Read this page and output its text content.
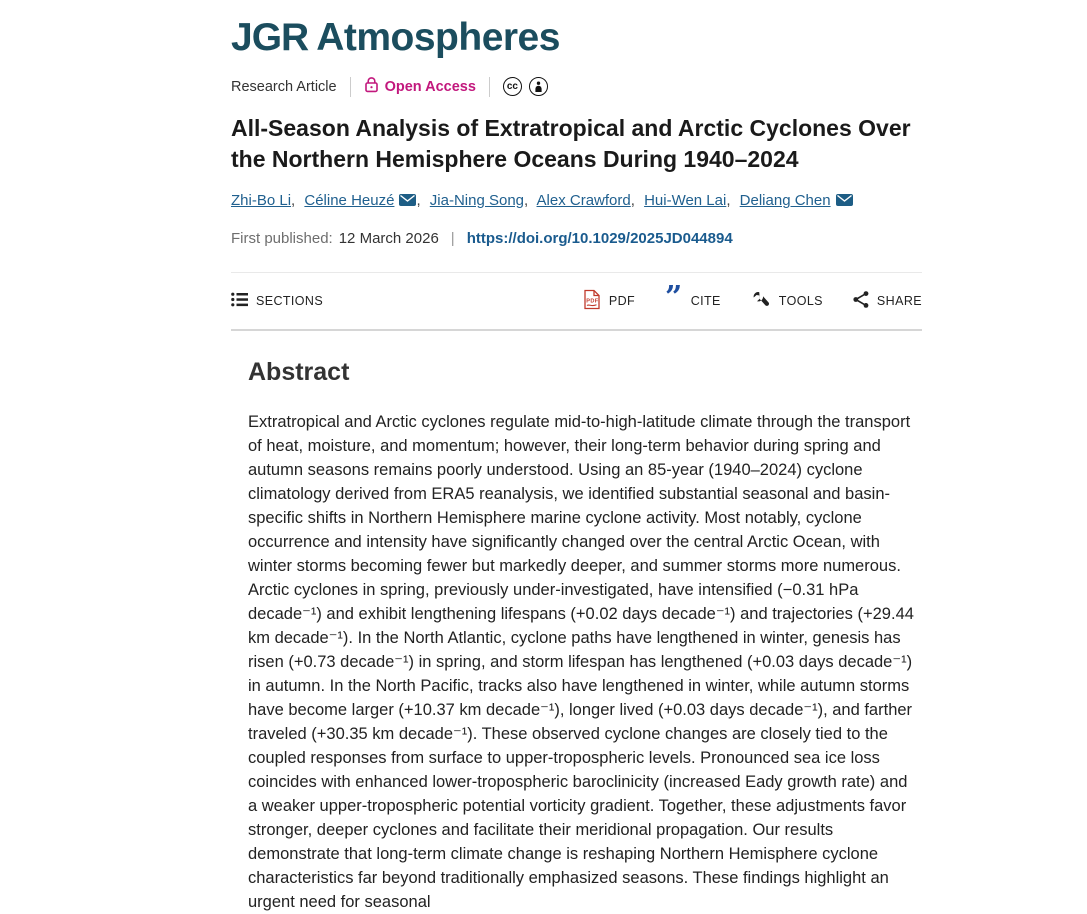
JGR Atmospheres
Research Article	Open Access	cc
All-Season Analysis of Extratropical and Arctic Cyclones Over the Northern Hemisphere Oceans During 1940–2024
Zhi-Bo Li, Céline Heuzé , Jia-Ning Song, Alex Crawford, Hui-Wen Lai, Deliang Chen
First published: 12 March 2026 | https://doi.org/10.1029/2025JD044894
SECTIONS	PDF PDF ” CITE	TOOLS	SHARE
Abstract

Extratropical and Arctic cyclones regulate mid-to-high-latitude climate through the transport of heat, moisture, and momentum; however, their long-term behavior during spring and autumn seasons remains poorly understood. Using an 85-year (1940–2024) cyclone climatology derived from ERA5 reanalysis, we identified substantial seasonal and basin-specific shifts in Northern Hemisphere marine cyclone activity. Most notably, cyclone occurrence and intensity have significantly changed over the central Arctic Ocean, with winter storms becoming fewer but markedly deeper, and summer storms more numerous. Arctic cyclones in spring, previously under-investigated, have intensified (−0.31 hPa decade⁻¹) and exhibit lengthening lifespans (+0.02 days decade⁻¹) and trajectories (+29.44 km decade⁻¹). In the North Atlantic, cyclone paths have lengthened in winter, genesis has risen (+0.73 decade⁻¹) in spring, and storm lifespan has lengthened (+0.03 days decade⁻¹) in autumn. In the North Pacific, tracks also have lengthened in winter, while autumn storms have become larger (+10.37 km decade⁻¹), longer lived (+0.03 days decade⁻¹), and farther traveled (+30.35 km decade⁻¹). These observed cyclone changes are closely tied to the coupled responses from surface to upper-tropospheric levels. Pronounced sea ice loss coincides with enhanced lower-tropospheric baroclinicity (increased Eady growth rate) and a weaker upper-tropospheric potential vorticity gradient. Together, these adjustments favor stronger, deeper cyclones and facilitate their meridional propagation. Our results demonstrate that long-term climate change is reshaping Northern Hemisphere cyclone characteristics far beyond traditionally emphasized seasons. These findings highlight an urgent need for seasonal
